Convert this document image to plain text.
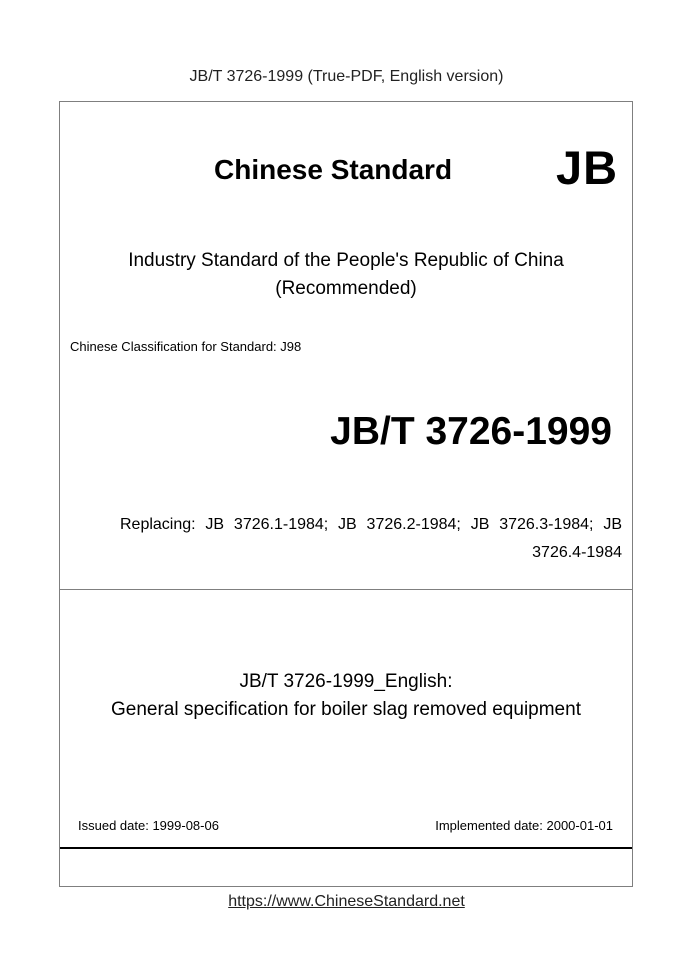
JB/T 3726-1999 (True-PDF, English version)
Chinese Standard JB
Industry Standard of the People's Republic of China
(Recommended)
Chinese Classification for Standard: J98
JB/T 3726-1999
Replacing: JB 3726.1-1984; JB 3726.2-1984; JB 3726.3-1984; JB 3726.4-1984
JB/T 3726-1999_English:
General specification for boiler slag removed equipment
Issued date: 1999-08-06	Implemented date: 2000-01-01
https://www.ChineseStandard.net
